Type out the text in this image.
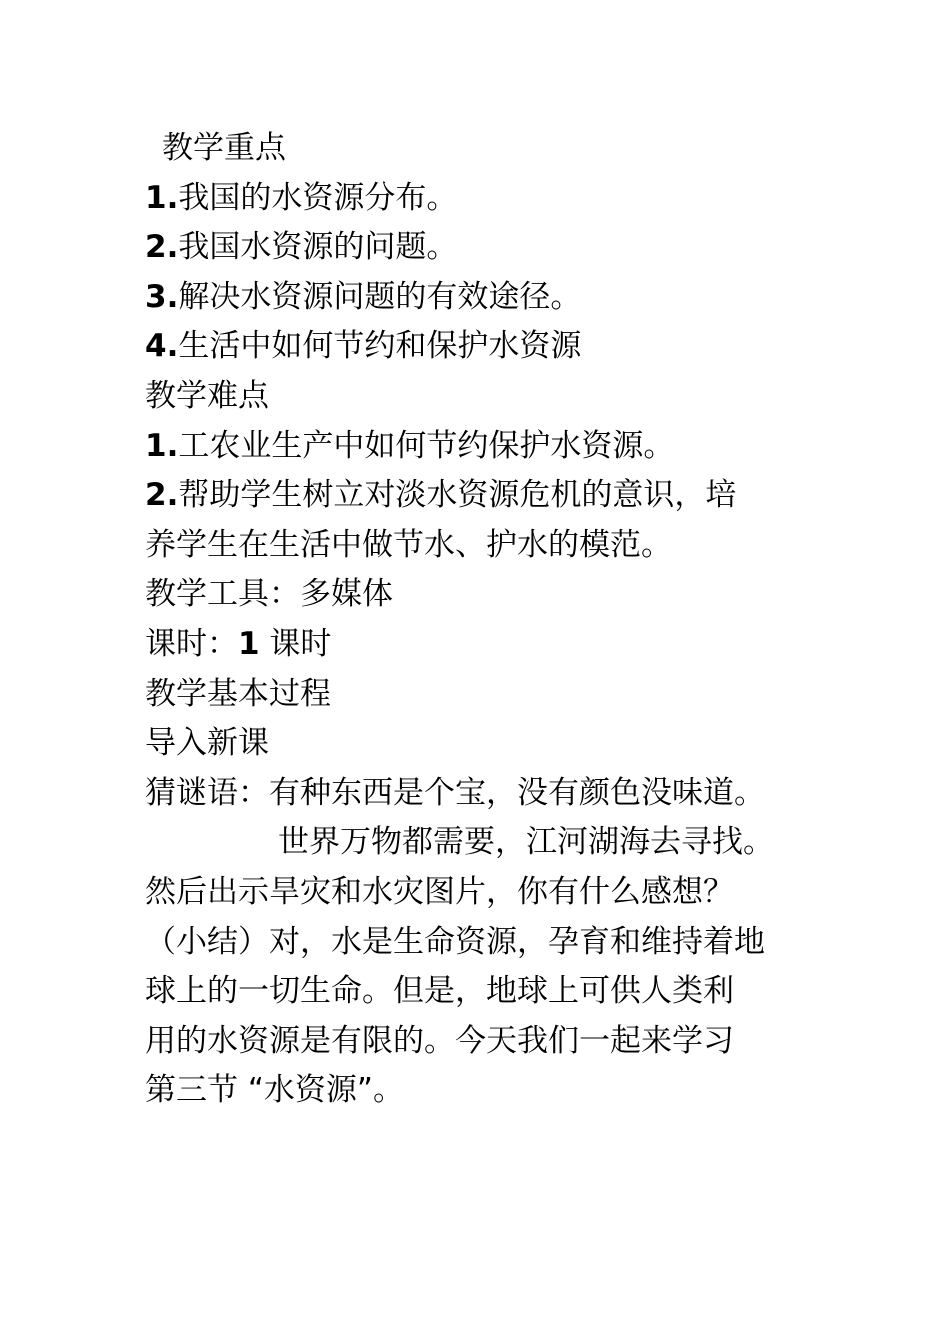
教学重点
1.我国的水资源分布。
2.我国水资源的问题。
3.解决水资源问题的有效途径。
4.生活中如何节约和保护水资源
教学难点
1.工农业生产中如何节约保护水资源。
2.帮助学生树立对淡水资源危机的意识，培
养学生在生活中做节水、护水的模范。
教学工具：多媒体
课时：1 课时
教学基本过程
导入新课
猜谜语：有种东西是个宝，没有颜色没味道。
世界万物都需要，江河湖海去寻找。
然后出示旱灾和水灾图片，你有什么感想？
（小结）对，水是生命资源，孕育和维持着地
球上的一切生命。但是，地球上可供人类利
用的水资源是有限的。今天我们一起来学习
第三节 “水资源”。
